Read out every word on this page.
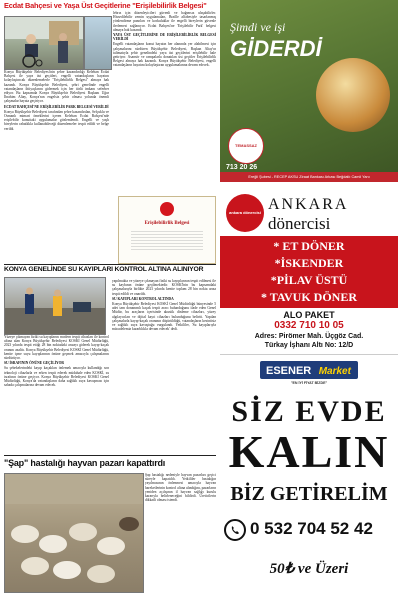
Ecdat Bahçesi ve Yaşa Üst Geçitlerine "Erişilebilirlik Belgesi"

Konya Büyükşehir Belediyesi'nin şehre kazandırdığı Kelehan Ecdat Bahçesi ile yaya üst geçitleri, engelli vatandaşların hayatını kolaylaştırıcak düzenlemelerle "Erişilebilirlik Belgesi" almaya hak kazandı. Konya Büyükşehir Belediyesi, şehri genelinde engelli vatandaşların ihtiyaçlarını gidermek için her türlü imkanı seferber ediyor. Bu kapsamda Konya Büyükşehir Belediyesi Başkanı Uğur İbrahim Altay, Konya'nın engelsiz şehir olması yolunda önemli çalışmalar hayata geçiriyor.

ECDAT BAHÇESİ'NE ERİŞİLEBİLİR PARK BELGESİ VERİLDİ

Konya Büyükşehir Belediyesi tarafından şehre kazandırılan, Selçuklu ve Osmanlı mimari ömeklerini içeren Kelehan Ecdat Bahçesi'nde erişilebilir konuttaki uygulamalar gözlemlendi. Engelli ve yaşlı bireylerin rahatlıkla kullanabileceği düzenlemeler tespit edildi ve belge verildi.

lebrız için düzenleyicileri güvenli ve bağımsız ulaşabilirler. Hissedilebilir zemin uygulamaları, Braille alfabesiyle tasarlanmış yönlendirme panoları ve korkuluklar ile engelli bireylerin güvenle ilerlemesi sağlanıyor. Ecdat Bahçesi'ne 'Erişilebilir Park' belgesi almaya hak kazandı.

YAYA ÜST GEÇİTLERİNE DE ERİŞİLEBİLİRLİK BELGESİ VERİLDİ

Engelli vatandaşların konut hayatın her alanında yer alabilmesi için çalışmalarını sürdüren Büyükşehir Belediyesi, Başkan Altay'ın talimatıyla şehir genelindeki yaya üst geçitlerini erişilebilir hale getiriyor. Asansör ve rampalarla donatılan üst geçitler Erişilebilirlik Belgesi almaya hak kazandı. Konya Büyükşehir Belediyesi, engelli vatandaşların hayatını kolaylaştıran uygulamalarına devam edecek.

Erişilebilirlik Belgesi
KONYA GENELİNDE SU KAYIPLARI KONTROL ALTINA ALINIYOR

Yüzeye çıkmayan fiziki su kayıplarını modern tespit cihazları ile kontrol altına alan Konya Büyükşehir Belediyesi KOSKİ Genel Müdürlüğü, 2023 yılında tespit ettiği 28 bin noktadaki arızayı giderek kayıp-kaçak oranını azalttı. Konya Büyükşehir Belediyesi KOSKİ Genel Müdürlüğü, kentte içme suyu kayıplarının önüne geçmek amacıyla çalışmalarını sürdürüyor.

SU İSRAFININ ÖNÜNE GEÇİLİYOR

Su şebekelerindeki kayıp kaçakları önlemek amacıyla kullandığı son teknoloji cihazlarla ve erken tespit ederek müdahale eden KOSKİ, su israfının önüne geçiyor. Konya Büyükşehir Belediyesi KOSKİ Genel Müdürlüğü, Konya'da vatandaşların daha sağlıklı suya kavuşması için sahada çalışmalarına devam edecek.

yapılmakta ve yüzeye çıkmayan fiziki su kayıplarının tespit edilmesi ile su kaybının önüne geçilmektedir. KOSKİ'nin bu kapsamdaki çalışmalarıyla birlikte 2023 yılında kentte toplam 28 bin nokta arıza tespit edildi ve onarıldı.

SU KAYIPLARI KONTROL ALTINDA

Konya Büyükşehir Belediyesi KOSKİ Genel Müdürlüğü bünyesinde 5 adet tam donanımlı kaçak tespit aracı bulunduğunu ifade eden Genel Müdür, bu araçların içerisinde akustik dinleme cihazları, yüzey algılayıcıları ve dijital kayıt cihazları bulunduğunu belirtti. Yapılan çalışmalarla kayıp-kaçak oranının düşürüldüğü, vatandaşların kesintisiz ve sağlıklı suya kavuştuğu vurgulandı. Yetkililer, 'Su kayıplarıyla mücadelemiz kararlılıkla devam edecek' dedi.

"Şap" hastalığı hayvan pazarı kapattırdı
Şap hastalığı nedeniyle hayvan pazarları geçici süreyle kapatıldı. Yetkililer hastalığın yayılmasının önlenmesi amacıyla hayvan hareketlerinin kontrol altına alındığını, pazarların yeniden açılışının il hayvan sağlığı kurulu kararıyla belirleneceğini bildirdi. Üreticilerin dikkatli olması istendi.
Şimdi ve işi
GİDERDİ
TEMASSAZ
713 20 26
Ereğli Şubesi - RECEP AKSU Ziraat Bankası Arkası Beğdatlı Camii Yanı
ankara dönercisi ANKARA
dönercisi
* ET DÖNER
*İSKENDER
*PİLAV ÜSTÜ
* TAVUK DÖNER
ALO PAKET
0332 710 10 05
Adres: Pirömer Mah. Üçgöz Cad.
Türkay İşhanı Altı No: 12/D
ESENER Market
"EN İYİ FİYAT BİZDE"
SİZ EVDE
KALIN
BİZ GETİRELİM
0 532 704 52 42
50₺ ve Üzeri
